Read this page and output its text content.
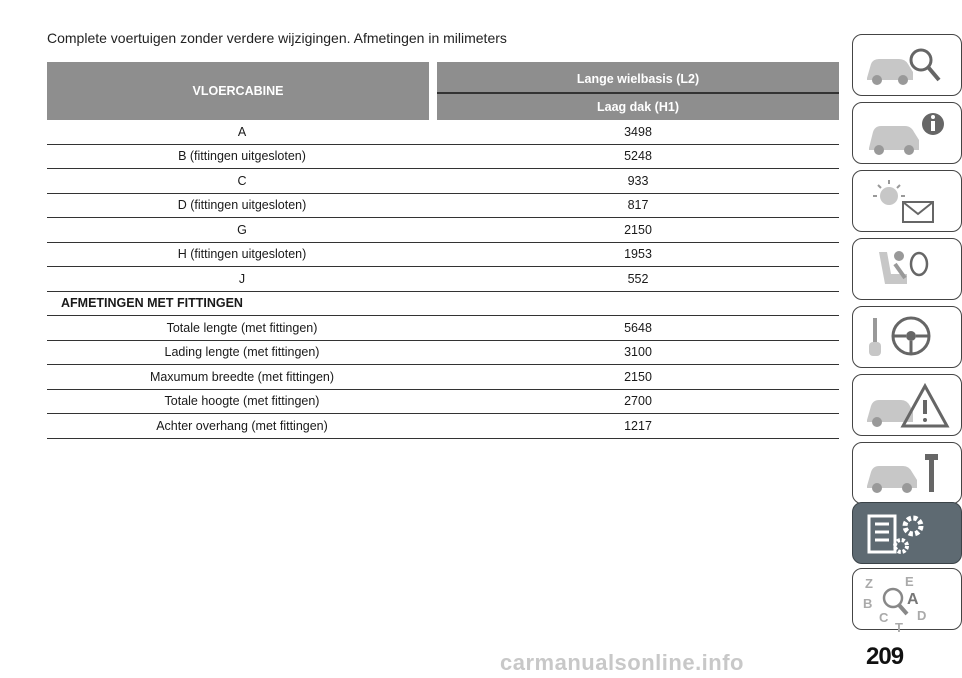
Complete voertuigen zonder verdere wijzigingen. Afmetingen in milimeters
VLOERCABINE
Lange wielbasis (L2)
Laag dak (H1)
A	3498
B (fittingen uitgesloten)	5248
C	933
D (fittingen uitgesloten)	817
G	2150
H (fittingen uitgesloten)	1953
J	552
AFMETINGEN MET FITTINGEN
Totale lengte (met fittingen)	5648
Lading lengte (met fittingen)	3100
Maxumum breedte (met fittingen)	2150
Totale hoogte (met fittingen)	2700
Achter overhang (met fittingen)	1217
Z E
B A
C D
T
209
carmanualsonline.info
